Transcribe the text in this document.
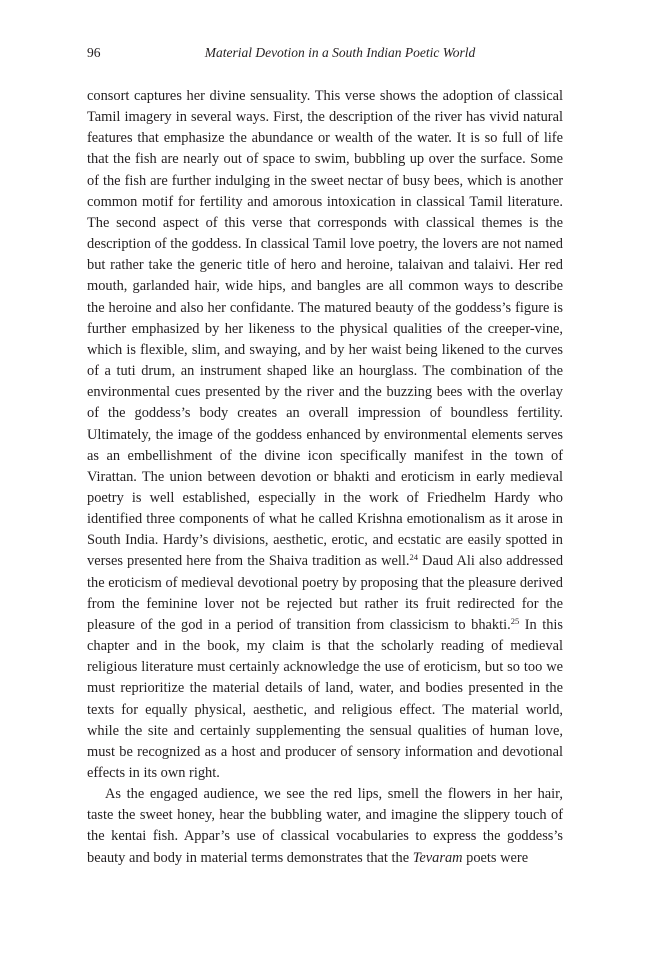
96	Material Devotion in a South Indian Poetic World

consort captures her divine sensuality. This verse shows the adoption of classical Tamil imagery in several ways. First, the description of the river has vivid natural features that emphasize the abundance or wealth of the water. It is so full of life that the fish are nearly out of space to swim, bubbling up over the surface. Some of the fish are further indulging in the sweet nectar of busy bees, which is another common motif for fertility and amorous intoxication in classical Tamil literature. The second aspect of this verse that corresponds with classical themes is the description of the goddess. In classical Tamil love poetry, the lovers are not named but rather take the generic title of hero and heroine, talaivan and talaivi. Her red mouth, garlanded hair, wide hips, and bangles are all common ways to describe the heroine and also her confidante. The matured beauty of the goddess’s figure is further emphasized by her likeness to the physical qualities of the creeper-vine, which is flexible, slim, and swaying, and by her waist being likened to the curves of a tuti drum, an instrument shaped like an hourglass. The combination of the environmental cues presented by the river and the buzzing bees with the overlay of the goddess’s body creates an overall impression of boundless fertility. Ultimately, the image of the goddess enhanced by environmental elements serves as an embellishment of the divine icon specifically manifest in the town of Virattan. The union between devotion or bhakti and eroticism in early medieval poetry is well established, especially in the work of Friedhelm Hardy who identified three components of what he called Krishna emotionalism as it arose in South India. Hardy’s divisions, aesthetic, erotic, and ecstatic are easily spotted in verses presented here from the Shaiva tradition as well.$^{24}$ Daud Ali also addressed the eroticism of medieval devotional poetry by proposing that the pleasure derived from the feminine lover not be rejected but rather its fruit redirected for the pleasure of the god in a period of transition from classicism to bhakti.$^{25}$ In this chapter and in the book, my claim is that the scholarly reading of medieval religious literature must certainly acknowledge the use of eroticism, but so too we must reprioritize the material details of land, water, and bodies presented in the texts for equally physical, aesthetic, and religious effect. The material world, while the site and certainly supplementing the sensual qualities of human love, must be recognized as a host and producer of sensory information and devotional effects in its own right.

As the engaged audience, we see the red lips, smell the flowers in her hair, taste the sweet honey, hear the bubbling water, and imagine the slippery touch of the kentai fish. Appar’s use of classical vocabularies to express the goddess’s beauty and body in material terms demonstrates that the Tevaram poets were
